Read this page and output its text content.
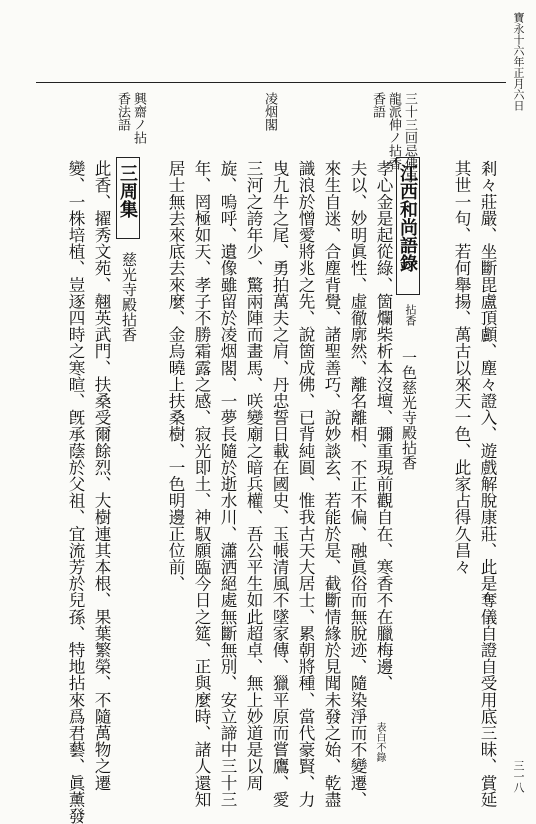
寶永十六年正月六日
三一八
三十三回忌佛事
龍派伸ノ拈香
香語
凌烟閣
興齋ノ拈
香法語
剎々莊嚴、坐斷毘盧頂顱、塵々證入、遊戲解脫康莊、此是奪儀自證自受用底三昧、賞延
其世一句、若何舉揚、萬古以來天一色、此家占得久昌々
江西和尚語錄
拈香
一色慈光寺殿拈香
孝心金是起從綠、箇爛柴析本沒壇、彌重現前觀自在、寒香不在臘梅邊、
表白不錄
夫以、妙明眞性、虛徹廓然、離名離相、不正不偏、融眞俗而無脫迹、隨染淨而不變遷、
來生自迷、合塵背覺、諸聖善巧、說妙談玄、若能於是、截斷情緣於見聞未發之始、乾盡
識浪於憎愛將兆之先、說箇成佛、已背純圓、惟我古天大居士、累朝將種、當代豪賢、力
曳九牛之尾、勇拍萬夫之肩、丹忠誓日載在國史、玉帳清風不墜家傳、獵平原而嘗鷹、愛
三河之誇年少、驚兩陣而畫馬、咲變廟之暗兵權、吾公平生如此超卓、無上妙道是以周
旋、嗚呼、遺像雖留於凌烟閣、一夢長隨於逝水川、瀟洒絕處無斷無別、安立諦中三十三
年、罔極如天、孝子不勝霜露之感、寂光即土、神馭願臨今日之筵、正與麼時、諸人還知
居士無去來底去來麼、金烏曉上扶桑樹、一色明邊正位前、
三周集
慈光寺殿拈香
此香、擢秀文苑、翹英武門、扶桑受爾餘烈、大樹連其本根、果葉繁榮、不隨萬物之遷
變、一株培植、豈逐四時之寒暄、旣承蔭於父祖、宜流芳於兒孫、特地拈來爲君藝、眞薰發
